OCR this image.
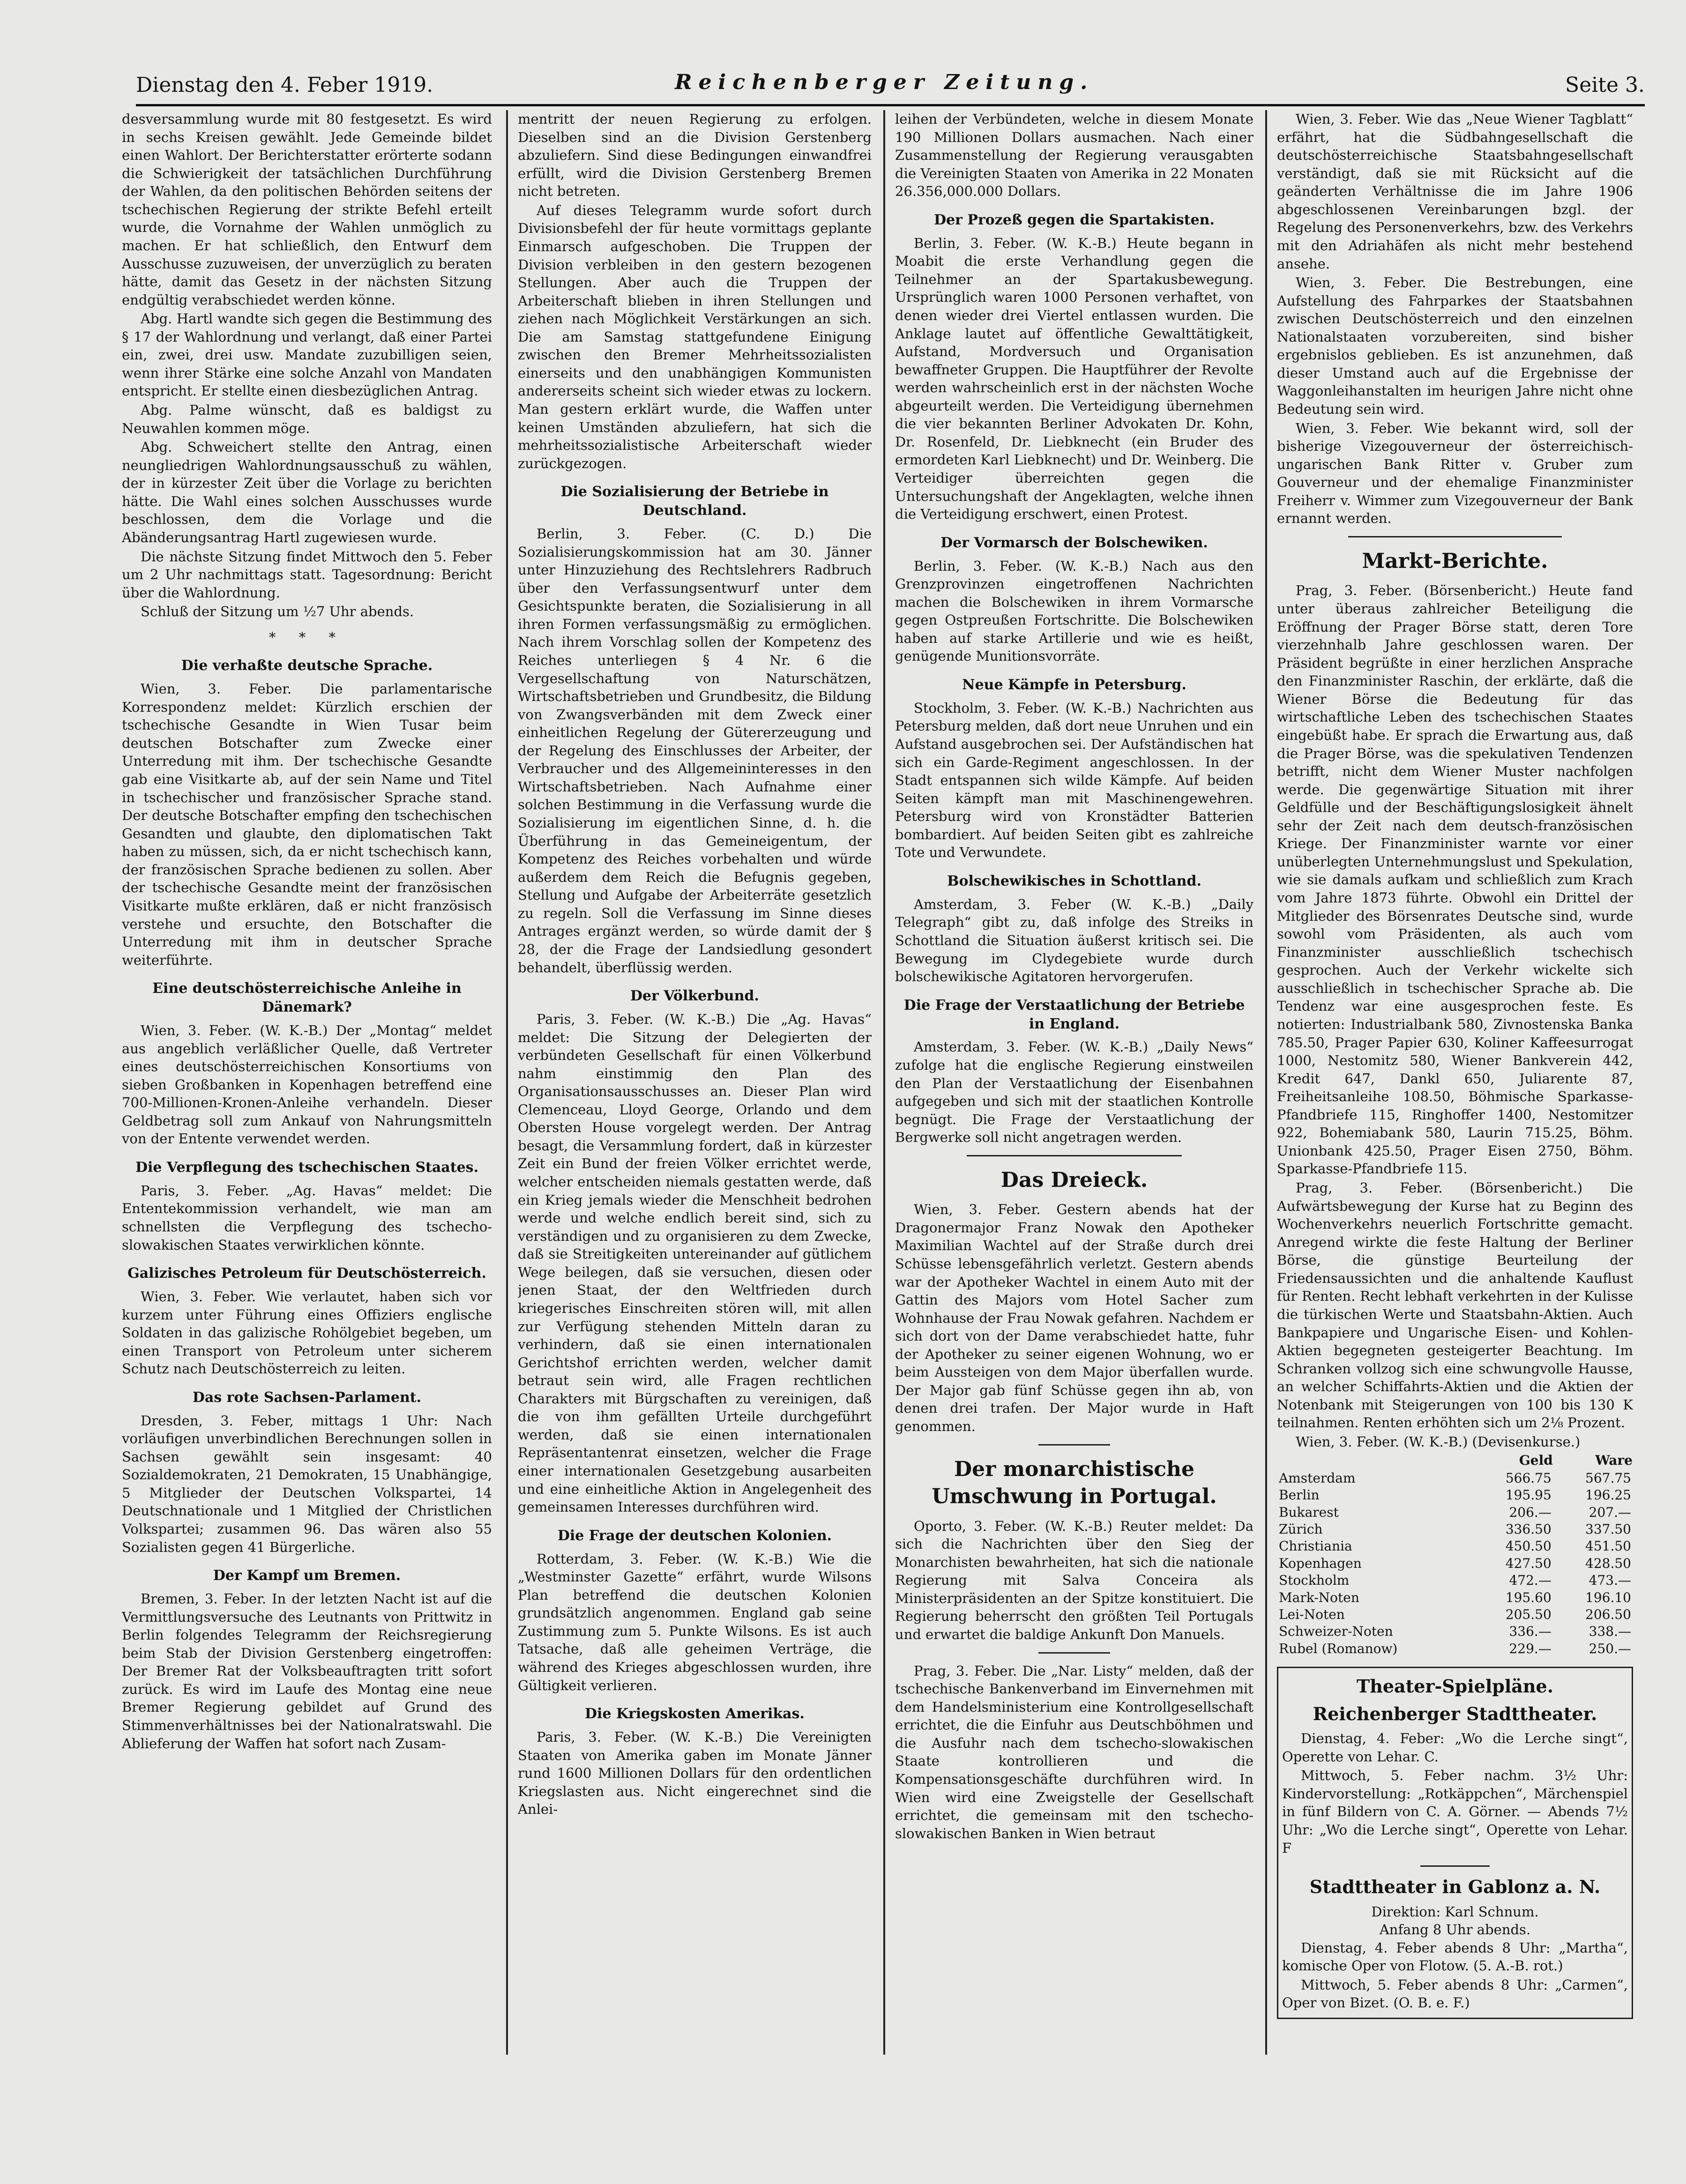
Dienstag den 4. Feber 1919.	Reichenberger Zeitung.	Seite 3.

desversammlung wurde mit 80 festgesetzt. Es wird in sechs Kreisen gewählt. Jede Gemeinde bildet einen Wahlort. Der Berichterstatter erörterte sodann die Schwierigkeit der tatsächlichen Durchführung der Wahlen, da den politischen Behörden seitens der tschechischen Regierung der strikte Befehl erteilt wurde, die Vornahme der Wahlen unmöglich zu machen. Er hat schließlich, den Entwurf dem Ausschusse zuzuweisen, der unverzüglich zu beraten hätte, damit das Gesetz in der nächsten Sitzung endgültig verabschiedet werden könne.

Abg. Hartl wandte sich gegen die Bestimmung des § 17 der Wahlordnung und verlangt, daß einer Partei ein, zwei, drei usw. Mandate zuzubilligen seien, wenn ihrer Stärke eine solche Anzahl von Mandaten entspricht. Er stellte einen diesbezüglichen Antrag.

Abg. Palme wünscht, daß es baldigst zu Neuwahlen kommen möge.

Abg. Schweichert stellte den Antrag, einen neungliedrigen Wahlordnungsausschuß zu wählen, der in kürzester Zeit über die Vorlage zu berichten hätte. Die Wahl eines solchen Ausschusses wurde beschlossen, dem die Vorlage und die Abänderungsantrag Hartl zugewiesen wurde.

Die nächste Sitzung findet Mittwoch den 5. Feber um 2 Uhr nachmittags statt. Tagesordnung: Bericht über die Wahlordnung.

Schluß der Sitzung um ½7 Uhr abends.

* * *
Die verhaßte deutsche Sprache.

Wien, 3. Feber. Die parlamentarische Korrespondenz meldet: Kürzlich erschien der tschechische Gesandte in Wien Tusar beim deutschen Botschafter zum Zwecke einer Unterredung mit ihm. Der tschechische Gesandte gab eine Visitkarte ab, auf der sein Name und Titel in tschechischer und französischer Sprache stand. Der deutsche Botschafter empfing den tschechischen Gesandten und glaubte, den diplomatischen Takt haben zu müssen, sich, da er nicht tschechisch kann, der französischen Sprache bedienen zu sollen. Aber der tschechische Gesandte meint der französischen Visitkarte mußte erklären, daß er nicht französisch verstehe und ersuchte, den Botschafter die Unterredung mit ihm in deutscher Sprache weiterführte.

Eine deutschösterreichische Anleihe in Dänemark?

Wien, 3. Feber. (W. K.-B.) Der „Montag“ meldet aus angeblich verläßlicher Quelle, daß Vertreter eines deutschösterreichischen Konsortiums von sieben Großbanken in Kopenhagen betreffend eine 700-Millionen-Kronen-Anleihe verhandeln. Dieser Geldbetrag soll zum Ankauf von Nahrungsmitteln von der Entente verwendet werden.

Die Verpflegung des tschechischen Staates.

Paris, 3. Feber. „Ag. Havas“ meldet: Die Ententekommission verhandelt, wie man am schnellsten die Verpflegung des tschecho-slowakischen Staates verwirklichen könnte.

Galizisches Petroleum für Deutschösterreich.

Wien, 3. Feber. Wie verlautet, haben sich vor kurzem unter Führung eines Offiziers englische Soldaten in das galizische Rohölgebiet begeben, um einen Transport von Petroleum unter sicherem Schutz nach Deutschösterreich zu leiten.

Das rote Sachsen-Parlament.

Dresden, 3. Feber, mittags 1 Uhr: Nach vorläufigen unverbindlichen Berechnungen sollen in Sachsen gewählt sein insgesamt: 40 Sozialdemokraten, 21 Demokraten, 15 Unabhängige, 5 Mitglieder der Deutschen Volkspartei, 14 Deutschnationale und 1 Mitglied der Christlichen Volkspartei; zusammen 96. Das wären also 55 Sozialisten gegen 41 Bürgerliche.

Der Kampf um Bremen.

Bremen, 3. Feber. In der letzten Nacht ist auf die Vermittlungsversuche des Leutnants von Prittwitz in Berlin folgendes Telegramm der Reichsregierung beim Stab der Division Gerstenberg eingetroffen: Der Bremer Rat der Volksbeauftragten tritt sofort zurück. Es wird im Laufe des Montag eine neue Bremer Regierung gebildet auf Grund des Stimmenverhältnisses bei der Nationalratswahl. Die Ablieferung der Waffen hat sofort nach Zusam-

mentritt der neuen Regierung zu erfolgen. Dieselben sind an die Division Gerstenberg abzuliefern. Sind diese Bedingungen einwandfrei erfüllt, wird die Division Gerstenberg Bremen nicht betreten.

Auf dieses Telegramm wurde sofort durch Divisionsbefehl der für heute vormittags geplante Einmarsch aufgeschoben. Die Truppen der Division verbleiben in den gestern bezogenen Stellungen. Aber auch die Truppen der Arbeiterschaft blieben in ihren Stellungen und ziehen nach Möglichkeit Verstärkungen an sich. Die am Samstag stattgefundene Einigung zwischen den Bremer Mehrheitssozialisten einerseits und den unabhängigen Kommunisten andererseits scheint sich wieder etwas zu lockern. Man gestern erklärt wurde, die Waffen unter keinen Umständen abzuliefern, hat sich die mehrheitssozialistische Arbeiterschaft wieder zurückgezogen.

Die Sozialisierung der Betriebe in Deutschland.

Berlin, 3. Feber. (C. D.) Die Sozialisierungskommission hat am 30. Jänner unter Hinzuziehung des Rechtslehrers Radbruch über den Verfassungsentwurf unter dem Gesichtspunkte beraten, die Sozialisierung in all ihren Formen verfassungsmäßig zu ermöglichen. Nach ihrem Vorschlag sollen der Kompetenz des Reiches unterliegen § 4 Nr. 6 die Vergesellschaftung von Naturschätzen, Wirtschaftsbetrieben und Grundbesitz, die Bildung von Zwangsverbänden mit dem Zweck einer einheitlichen Regelung der Gütererzeugung und der Regelung des Einschlusses der Arbeiter, der Verbraucher und des Allgemeininteresses in den Wirtschaftsbetrieben. Nach Aufnahme einer solchen Bestimmung in die Verfassung wurde die Sozialisierung im eigentlichen Sinne, d. h. die Überführung in das Gemeineigentum, der Kompetenz des Reiches vorbehalten und würde außerdem dem Reich die Befugnis gegeben, Stellung und Aufgabe der Arbeiterräte gesetzlich zu regeln. Soll die Verfassung im Sinne dieses Antrages ergänzt werden, so würde damit der § 28, der die Frage der Landsiedlung gesondert behandelt, überflüssig werden.

Der Völkerbund.

Paris, 3. Feber. (W. K.-B.) Die „Ag. Havas“ meldet: Die Sitzung der Delegierten der verbündeten Gesellschaft für einen Völkerbund nahm einstimmig den Plan des Organisationsausschusses an. Dieser Plan wird Clemenceau, Lloyd George, Orlando und dem Obersten House vorgelegt werden. Der Antrag besagt, die Versammlung fordert, daß in kürzester Zeit ein Bund der freien Völker errichtet werde, welcher entscheiden niemals gestatten werde, daß ein Krieg jemals wieder die Menschheit bedrohen werde und welche endlich bereit sind, sich zu verständigen und zu organisieren zu dem Zwecke, daß sie Streitigkeiten untereinander auf gütlichem Wege beilegen, daß sie versuchen, diesen oder jenen Staat, der den Weltfrieden durch kriegerisches Einschreiten stören will, mit allen zur Verfügung stehenden Mitteln daran zu verhindern, daß sie einen internationalen Gerichtshof errichten werden, welcher damit betraut sein wird, alle Fragen rechtlichen Charakters mit Bürgschaften zu vereinigen, daß die von ihm gefällten Urteile durchgeführt werden, daß sie einen internationalen Repräsentantenrat einsetzen, welcher die Frage einer internationalen Gesetzgebung ausarbeiten und eine einheitliche Aktion in Angelegenheit des gemeinsamen Interesses durchführen wird.

Die Frage der deutschen Kolonien.

Rotterdam, 3. Feber. (W. K.-B.) Wie die „Westminster Gazette“ erfährt, wurde Wilsons Plan betreffend die deutschen Kolonien grundsätzlich angenommen. England gab seine Zustimmung zum 5. Punkte Wilsons. Es ist auch Tatsache, daß alle geheimen Verträge, die während des Krieges abgeschlossen wurden, ihre Gültigkeit verlieren.

Die Kriegskosten Amerikas.

Paris, 3. Feber. (W. K.-B.) Die Vereinigten Staaten von Amerika gaben im Monate Jänner rund 1600 Millionen Dollars für den ordentlichen Kriegslasten aus. Nicht eingerechnet sind die Anlei-

leihen der Verbündeten, welche in diesem Monate 190 Millionen Dollars ausmachen. Nach einer Zusammenstellung der Regierung verausgabten die Vereinigten Staaten von Amerika in 22 Monaten 26.356,000.000 Dollars.

Der Prozeß gegen die Spartakisten.

Berlin, 3. Feber. (W. K.-B.) Heute begann in Moabit die erste Verhandlung gegen die Teilnehmer an der Spartakusbewegung. Ursprünglich waren 1000 Personen verhaftet, von denen wieder drei Viertel entlassen wurden. Die Anklage lautet auf öffentliche Gewalttätigkeit, Aufstand, Mordversuch und Organisation bewaffneter Gruppen. Die Hauptführer der Revolte werden wahrscheinlich erst in der nächsten Woche abgeurteilt werden. Die Verteidigung übernehmen die vier bekannten Berliner Advokaten Dr. Kohn, Dr. Rosenfeld, Dr. Liebknecht (ein Bruder des ermordeten Karl Liebknecht) und Dr. Weinberg. Die Verteidiger überreichten gegen die Untersuchungshaft der Angeklagten, welche ihnen die Verteidigung erschwert, einen Protest.

Der Vormarsch der Bolschewiken.

Berlin, 3. Feber. (W. K.-B.) Nach aus den Grenzprovinzen eingetroffenen Nachrichten machen die Bolschewiken in ihrem Vormarsche gegen Ostpreußen Fortschritte. Die Bolschewiken haben auf starke Artillerie und wie es heißt, genügende Munitionsvorräte.

Neue Kämpfe in Petersburg.

Stockholm, 3. Feber. (W. K.-B.) Nachrichten aus Petersburg melden, daß dort neue Unruhen und ein Aufstand ausgebrochen sei. Der Aufständischen hat sich ein Garde-Regiment angeschlossen. In der Stadt entspannen sich wilde Kämpfe. Auf beiden Seiten kämpft man mit Maschinengewehren. Petersburg wird von Kronstädter Batterien bombardiert. Auf beiden Seiten gibt es zahlreiche Tote und Verwundete.

Bolschewikisches in Schottland.

Amsterdam, 3. Feber (W. K.-B.) „Daily Telegraph“ gibt zu, daß infolge des Streiks in Schottland die Situation äußerst kritisch sei. Die Bewegung im Clydegebiete wurde durch bolschewikische Agitatoren hervorgerufen.

Die Frage der Verstaatlichung der Betriebe in England.

Amsterdam, 3. Feber. (W. K.-B.) „Daily News“ zufolge hat die englische Regierung einstweilen den Plan der Verstaatlichung der Eisenbahnen aufgegeben und sich mit der staatlichen Kontrolle begnügt. Die Frage der Verstaatlichung der Bergwerke soll nicht angetragen werden.

Das Dreieck.

Wien, 3. Feber. Gestern abends hat der Dragonermajor Franz Nowak den Apotheker Maximilian Wachtel auf der Straße durch drei Schüsse lebensgefährlich verletzt. Gestern abends war der Apotheker Wachtel in einem Auto mit der Gattin des Majors vom Hotel Sacher zum Wohnhause der Frau Nowak gefahren. Nachdem er sich dort von der Dame verabschiedet hatte, fuhr der Apotheker zu seiner eigenen Wohnung, wo er beim Aussteigen von dem Major überfallen wurde. Der Major gab fünf Schüsse gegen ihn ab, von denen drei trafen. Der Major wurde in Haft genommen.

Der monarchistische Umschwung in Portugal.

Oporto, 3. Feber. (W. K.-B.) Reuter meldet: Da sich die Nachrichten über den Sieg der Monarchisten bewahrheiten, hat sich die nationale Regierung mit Salva Conceira als Ministerpräsidenten an der Spitze konstituiert. Die Regierung beherrscht den größten Teil Portugals und erwartet die baldige Ankunft Don Manuels.

Prag, 3. Feber. Die „Nar. Listy“ melden, daß der tschechische Bankenverband im Einvernehmen mit dem Handelsministerium eine Kontrollgesellschaft errichtet, die die Einfuhr aus Deutschböhmen und die Ausfuhr nach dem tschecho-slowakischen Staate kontrollieren und die Kompensationsgeschäfte durchführen wird. In Wien wird eine Zweigstelle der Gesellschaft errichtet, die gemeinsam mit den tschecho-slowakischen Banken in Wien betraut

Wien, 3. Feber. Wie das „Neue Wiener Tagblatt“ erfährt, hat die Südbahngesellschaft die deutschösterreichische Staatsbahngesellschaft verständigt, daß sie mit Rücksicht auf die geänderten Verhältnisse die im Jahre 1906 abgeschlossenen Vereinbarungen bzgl. der Regelung des Personenverkehrs, bzw. des Verkehrs mit den Adriahäfen als nicht mehr bestehend ansehe.

Wien, 3. Feber. Die Bestrebungen, eine Aufstellung des Fahrparkes der Staatsbahnen zwischen Deutschösterreich und den einzelnen Nationalstaaten vorzubereiten, sind bisher ergebnislos geblieben. Es ist anzunehmen, daß dieser Umstand auch auf die Ergebnisse der Waggonleihanstalten im heurigen Jahre nicht ohne Bedeutung sein wird.

Wien, 3. Feber. Wie bekannt wird, soll der bisherige Vizegouverneur der österreichisch-ungarischen Bank Ritter v. Gruber zum Gouverneur und der ehemalige Finanzminister Freiherr v. Wimmer zum Vizegouverneur der Bank ernannt werden.

Markt-Berichte.

Prag, 3. Feber. (Börsenbericht.) Heute fand unter überaus zahlreicher Beteiligung die Eröffnung der Prager Börse statt, deren Tore vierzehnhalb Jahre geschlossen waren. Der Präsident begrüßte in einer herzlichen Ansprache den Finanzminister Raschin, der erklärte, daß die Wiener Börse die Bedeutung für das wirtschaftliche Leben des tschechischen Staates eingebüßt habe. Er sprach die Erwartung aus, daß die Prager Börse, was die spekulativen Tendenzen betrifft, nicht dem Wiener Muster nachfolgen werde. Die gegenwärtige Situation mit ihrer Geldfülle und der Beschäftigungslosigkeit ähnelt sehr der Zeit nach dem deutsch-französischen Kriege. Der Finanzminister warnte vor einer unüberlegten Unternehmungslust und Spekulation, wie sie damals aufkam und schließlich zum Krach vom Jahre 1873 führte. Obwohl ein Drittel der Mitglieder des Börsenrates Deutsche sind, wurde sowohl vom Präsidenten, als auch vom Finanzminister ausschließlich tschechisch gesprochen. Auch der Verkehr wickelte sich ausschließlich in tschechischer Sprache ab. Die Tendenz war eine ausgesprochen feste. Es notierten: Industrialbank 580, Zivnostenska Banka 785.50, Prager Papier 630, Koliner Kaffeesurrogat 1000, Nestomitz 580, Wiener Bankverein 442, Kredit 647, Dankl 650, Juliarente 87, Freiheitsanleihe 108.50, Böhmische Sparkasse-Pfandbriefe 115, Ringhoffer 1400, Nestomitzer 922, Bohemiabank 580, Laurin 715.25, Böhm. Unionbank 425.50, Prager Eisen 2750, Böhm. Sparkasse-Pfandbriefe 115.

Prag, 3. Feber. (Börsenbericht.) Die Aufwärtsbewegung der Kurse hat zu Beginn des Wochenverkehrs neuerlich Fortschritte gemacht. Anregend wirkte die feste Haltung der Berliner Börse, die günstige Beurteilung der Friedensaussichten und die anhaltende Kauflust für Renten. Recht lebhaft verkehrten in der Kulisse die türkischen Werte und Staatsbahn-Aktien. Auch Bankpapiere und Ungarische Eisen- und Kohlen-Aktien begegneten gesteigerter Beachtung. Im Schranken vollzog sich eine schwungvolle Hausse, an welcher Schiffahrts-Aktien und die Aktien der Notenbank mit Steigerungen von 100 bis 130 K teilnahmen. Renten erhöhten sich um 2⅛ Prozent.

Wien, 3. Feber. (W. K.-B.) (Devisenkurse.)

	Geld	Ware
Amsterdam	566.75	567.75
Berlin	195.95	196.25
Bukarest	206.—	207.—
Zürich	336.50	337.50
Christiania	450.50	451.50
Kopenhagen	427.50	428.50
Stockholm	472.—	473.—
Mark-Noten	195.60	196.10
Lei-Noten	205.50	206.50
Schweizer-Noten	336.—	338.—
Rubel (Romanow)	229.—	250.—
Theater-Spielpläne.
Reichenberger Stadttheater.

Dienstag, 4. Feber: „Wo die Lerche singt“, Operette von Lehar. C.

Mittwoch, 5. Feber nachm. 3½ Uhr: Kindervorstellung: „Rotkäppchen“, Märchenspiel in fünf Bildern von C. A. Görner. — Abends 7½ Uhr: „Wo die Lerche singt“, Operette von Lehar. F

Stadttheater in Gablonz a. N.
Direktion: Karl Schnum.
Anfang 8 Uhr abends.

Dienstag, 4. Feber abends 8 Uhr: „Martha“, komische Oper von Flotow. (5. A.-B. rot.)

Mittwoch, 5. Feber abends 8 Uhr: „Carmen“, Oper von Bizet. (O. B. e. F.)
